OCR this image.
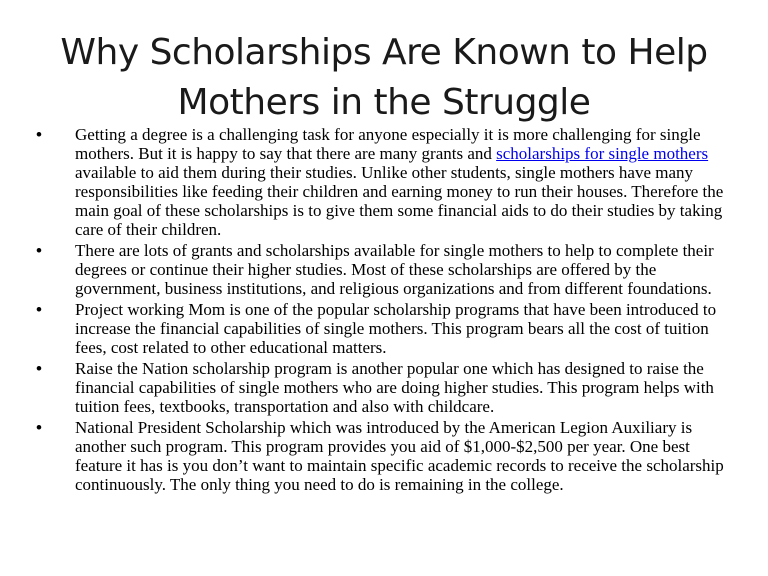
Why Scholarships Are Known to Help Mothers in the Struggle
• Getting a degree is a challenging task for anyone especially it is more challenging for single mothers. But it is happy to say that there are many grants and scholarships for single mothers available to aid them during their studies. Unlike other students, single mothers have many responsibilities like feeding their children and earning money to run their houses. Therefore the main goal of these scholarships is to give them some financial aids to do their studies by taking care of their children.
• There are lots of grants and scholarships available for single mothers to help to complete their degrees or continue their higher studies. Most of these scholarships are offered by the government, business institutions, and religious organizations and from different foundations.
• Project working Mom is one of the popular scholarship programs that have been introduced to increase the financial capabilities of single mothers. This program bears all the cost of tuition fees, cost related to other educational matters.
• Raise the Nation scholarship program is another popular one which has designed to raise the financial capabilities of single mothers who are doing higher studies. This program helps with tuition fees, textbooks, transportation and also with childcare.
• National President Scholarship which was introduced by the American Legion Auxiliary is another such program. This program provides you aid of $1,000-$2,500 per year. One best feature it has is you don’t want to maintain specific academic records to receive the scholarship continuously. The only thing you need to do is remaining in the college.
